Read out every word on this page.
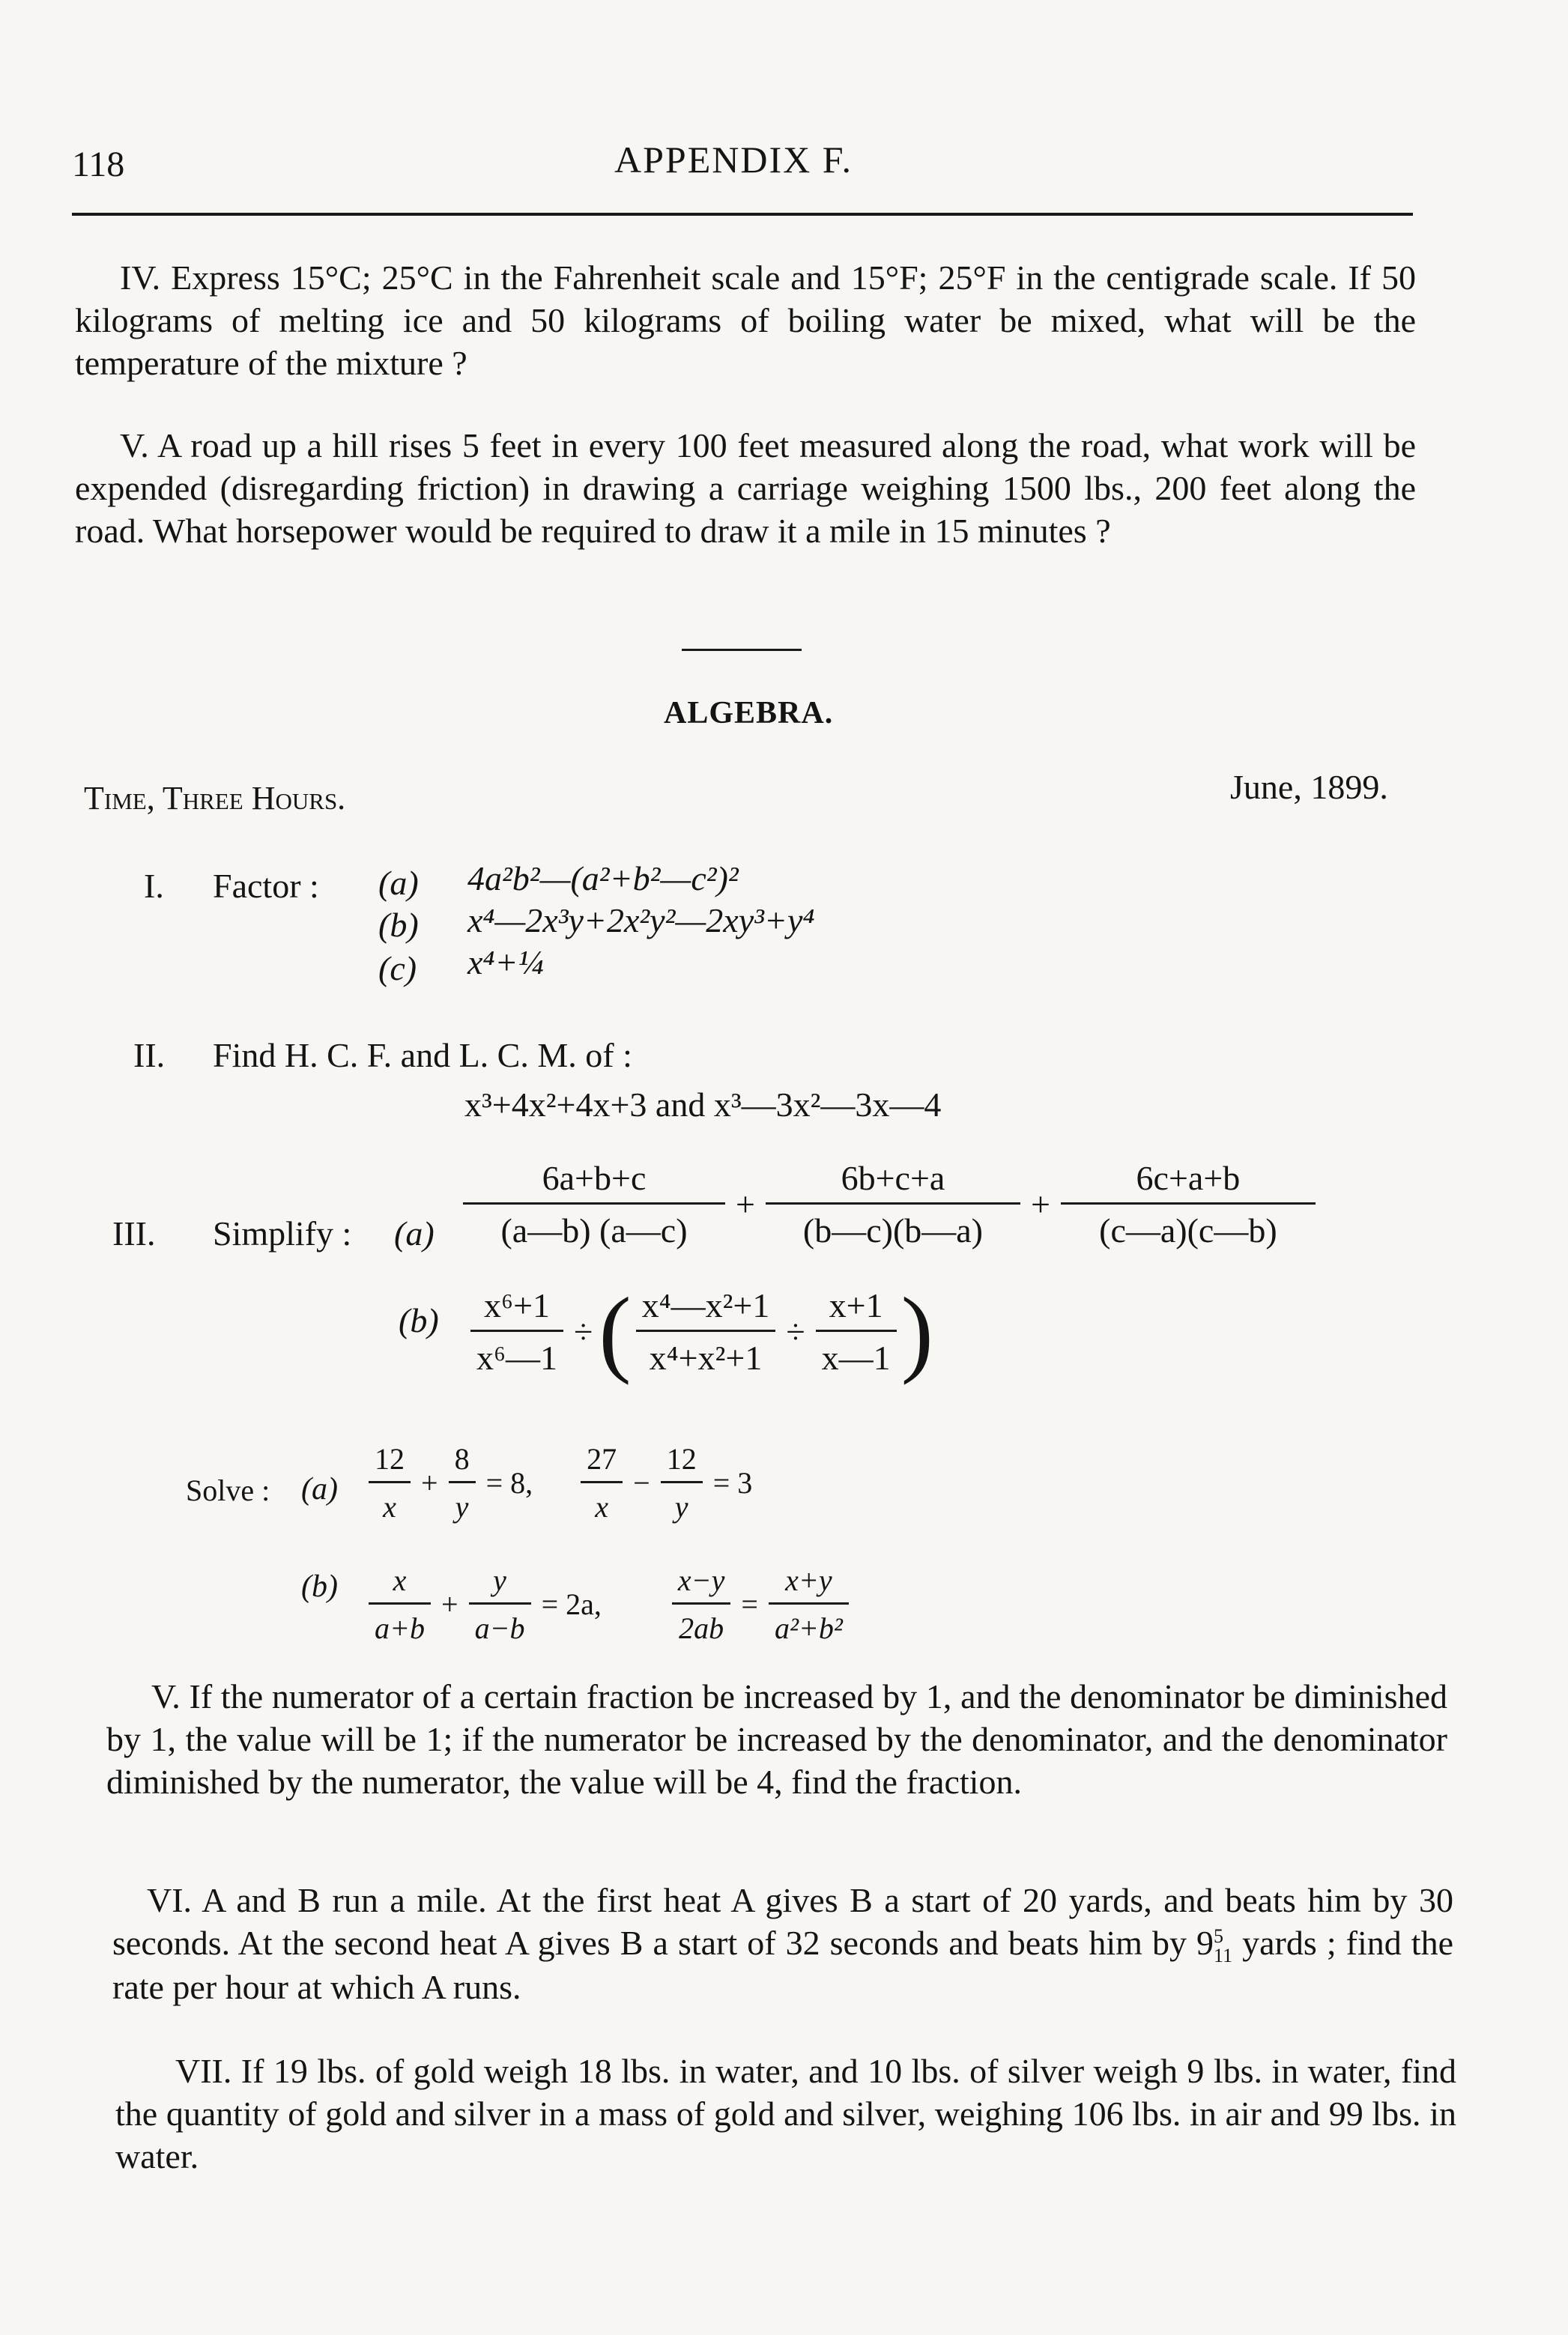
118	APPENDIX F.
IV. Express 15°C; 25°C in the Fahrenheit scale and 15°F; 25°F in the centigrade scale. If 50 kilograms of melting ice and 50 kilograms of boiling water be mixed, what will be the temperature of the mixture ?
V. A road up a hill rises 5 feet in every 100 feet measured along the road, what work will be expended (disregarding friction) in drawing a carriage weighing 1500 lbs., 200 feet along the road. What horsepower would be required to draw it a mile in 15 minutes ?
ALGEBRA.
Time, Three Hours.	June, 1899.
I. Factor : (a) 4a²b²—(a²+b²—c²)²
(b) x⁴—2x³y+2x²y²—2xy³+y⁴
(c) x⁴+¼
II. Find H. C. F. and L. C. M. of :
x³+4x²+4x+3 and x³—3x²—3x—4
III. Simplify : $(a) \frac{6a+b+c}{(a—b) (a—c)} + \frac{6b+c+a}{(b—c)(b—a)} + \frac{6c+a+b}{(c—a)(c—b)}$
$(b) \frac{\text{x⁶+1}}{\text{x⁶—1}}$ ÷( $\frac{\text{x⁴—x²+1}}{\text{x⁴+x²+1}} \div \frac{x+1}{x—1}$ )
Solve : $(a) \frac{12}{x} + \frac{8}{y} = 8$, $\frac{27}{x} - \frac{12}{y} = 3$
$(b) \frac{x}{a+b} + \frac{y}{a-b} = 2a$, $\frac{x-y}{2ab} = \frac{x+y}{\text{a²+b²}}$
V. If the numerator of a certain fraction be increased by 1, and the denominator be diminished by 1, the value will be 1; if the numerator be increased by the denominator, and the denominator diminished by the numerator, the value will be 4, find the fraction.
VI. A and B run a mile. At the first heat A gives B a start of 20 yards, and beats him by 30 seconds. At the second heat A gives B a start of 32 seconds and beats him by 9 5
11 yards ; find the rate per hour at which A runs.
VII. If 19 lbs. of gold weigh 18 lbs. in water, and 10 lbs. of silver weigh 9 lbs. in water, find the quantity of gold and silver in a mass of gold and silver, weighing 106 lbs. in air and 99 lbs. in water.
